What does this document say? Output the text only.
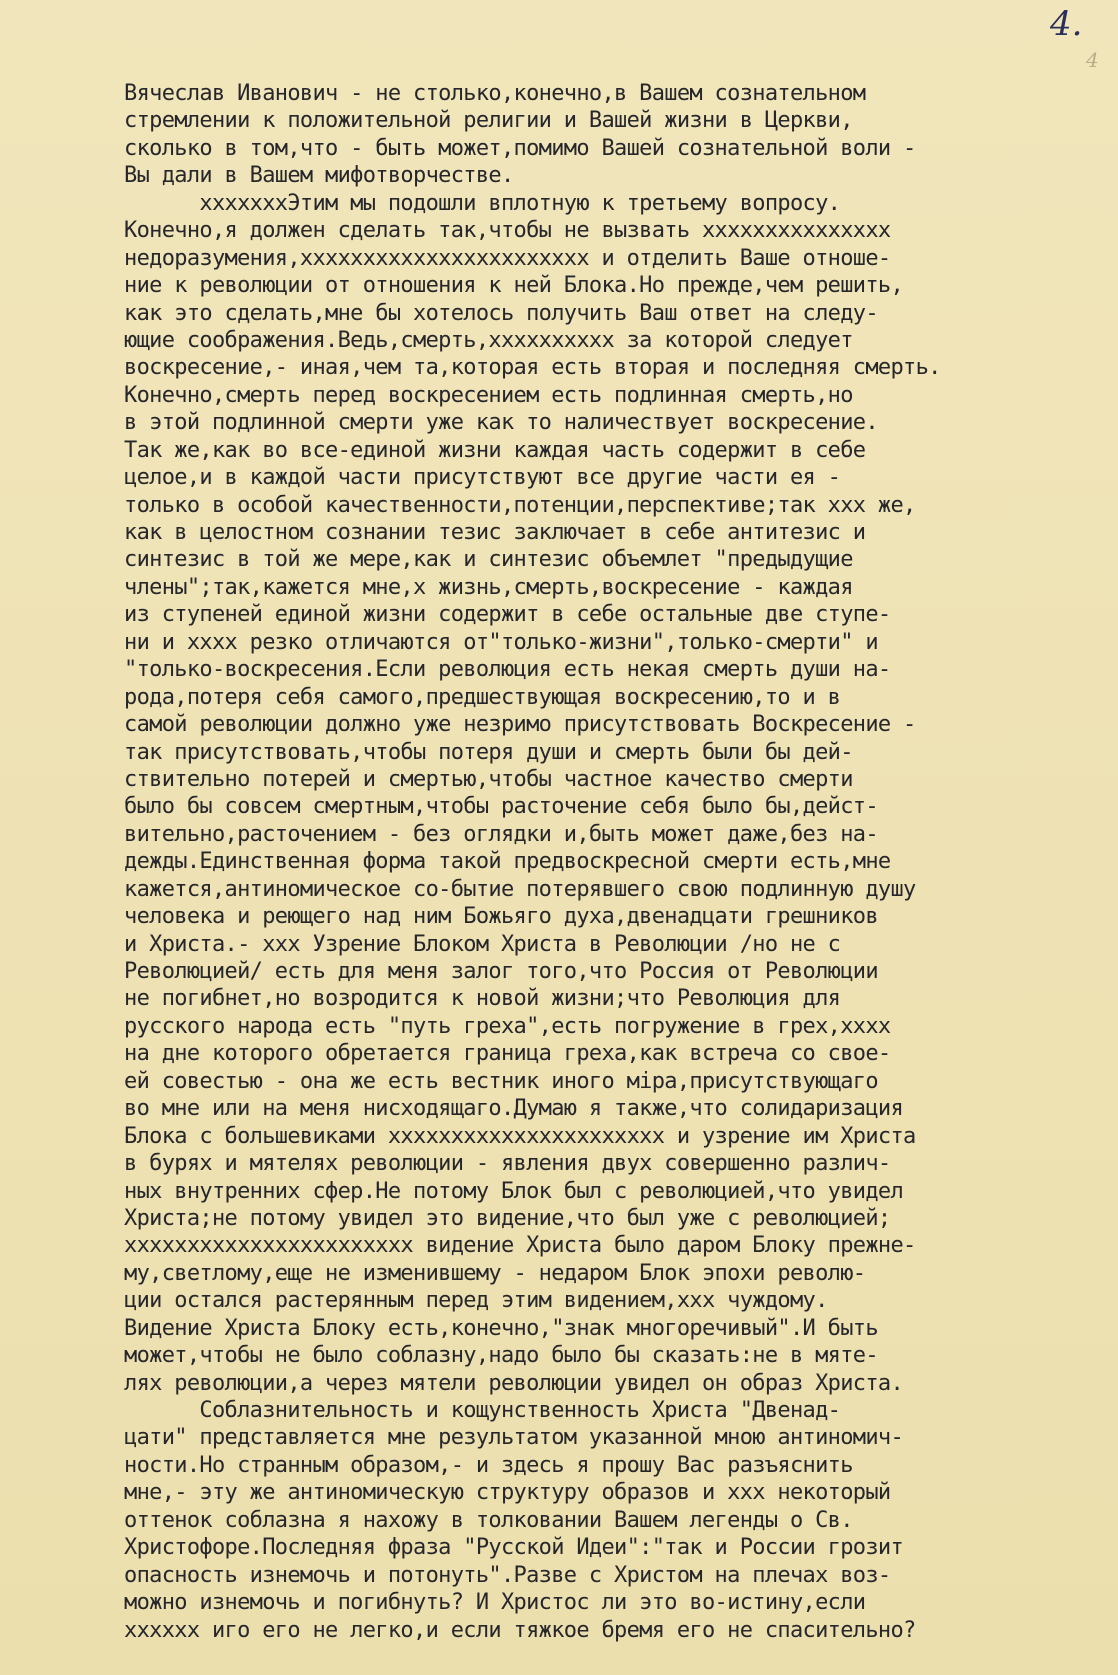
4.
4
Вячеслав Иванович - не столько,конечно,в Вашем сознательном
стремлении к положительной религии и Вашей жизни в Церкви,
сколько в том,что - быть может,помимо Вашей сознательной воли -
Вы дали в Вашем мифотворчестве.
хххххххЭтим мы подошли вплотную к третьему вопросу.
Конечно,я должен сделать так,чтобы не вызвать ххххххххххххххх
недоразумения,ххххххххххххххххххххххх и отделить Ваше отноше-
ние к революции от отношения к ней Блока.Но прежде,чем решить,
как это сделать,мне бы хотелось получить Ваш ответ на следу-
ющие соображения.Ведь,смерть,хххххххххх за которой следует
воскресение,- иная,чем та,которая есть вторая и последняя смерть.
Конечно,смерть перед воскресением есть подлинная смерть,но
в этой подлинной смерти уже как то наличествует воскресение.
Так же,как во все-единой жизни каждая часть содержит в себе
целое,и в каждой части присутствуют все другие части ея -
только в особой качественности,потенции,перспективе;так ххх же,
как в целостном сознании тезис заключает в себе антитезис и
синтезис в той же мере,как и синтезис объемлет "предыдущие
члены";так,кажется мне,х жизнь,смерть,воскресение - каждая
из ступеней единой жизни содержит в себе остальные две ступе-
ни и хххх резко отличаются от"только-жизни",только-смерти" и
"только-воскресения.Если революция есть некая смерть души на-
рода,потеря себя самого,предшествующая воскресению,то и в
самой революции должно уже незримо присутствовать Воскресение -
так присутствовать,чтобы потеря души и смерть были бы дей-
ствительно потерей и смертью,чтобы частное качество смерти
было бы совсем смертным,чтобы расточение себя было бы,дейст-
вительно,расточением - без оглядки и,быть может даже,без на-
дежды.Единственная форма такой предвоскресной смерти есть,мне
кажется,антиномическое со-бытие потерявшего свою подлинную душу
человека и реющего над ним Божьяго духа,двенадцати грешников
и Христа.- ххх Узрение Блоком Христа в Революции /но не с
Революцией/ есть для меня залог того,что Россия от Революции
не погибнет,но возродится к новой жизни;что Революция для
русского народа есть "путь греха",есть погружение в грех,хххх
на дне которого обретается граница греха,как встреча со свое-
ей совестью - она же есть вестник иного міра,присутствующаго
во мне или на меня нисходящаго.Думаю я также,что солидаризация
Блока с большевиками хххххххххххххххххххххх и узрение им Христа
в бурях и мятелях революции - явления двух совершенно различ-
ных внутренних сфер.Не потому Блок был с революцией,что увидел
Христа;не потому увидел это видение,что был уже с революцией;
ххххххххххххххххххххххх видение Христа было даром Блоку прежне-
му,светлому,еще не изменившему - недаром Блок эпохи револю-
ции остался растерянным перед этим видением,ххх чуждому.
Видение Христа Блоку есть,конечно,"знак многоречивый".И быть
может,чтобы не было соблазну,надо было бы сказать:не в мяте-
лях революции,а через мятели революции увидел он образ Христа.
Соблазнительность и кощунственность Христа "Двенад-
цати" представляется мне результатом указанной мною антиномич-
ности.Но странным образом,- и здесь я прошу Вас разъяснить
мне,- эту же антиномическую структуру образов и ххх некоторый
оттенок соблазна я нахожу в толковании Вашем легенды о Св.
Христофоре.Последняя фраза "Русской Идеи":"так и России грозит
опасность изнемочь и потонуть".Разве с Христом на плечах воз-
можно изнемочь и погибнуть? И Христос ли это во-истину,если
хххххх иго его не легко,и если тяжкое бремя его не спасительно?
